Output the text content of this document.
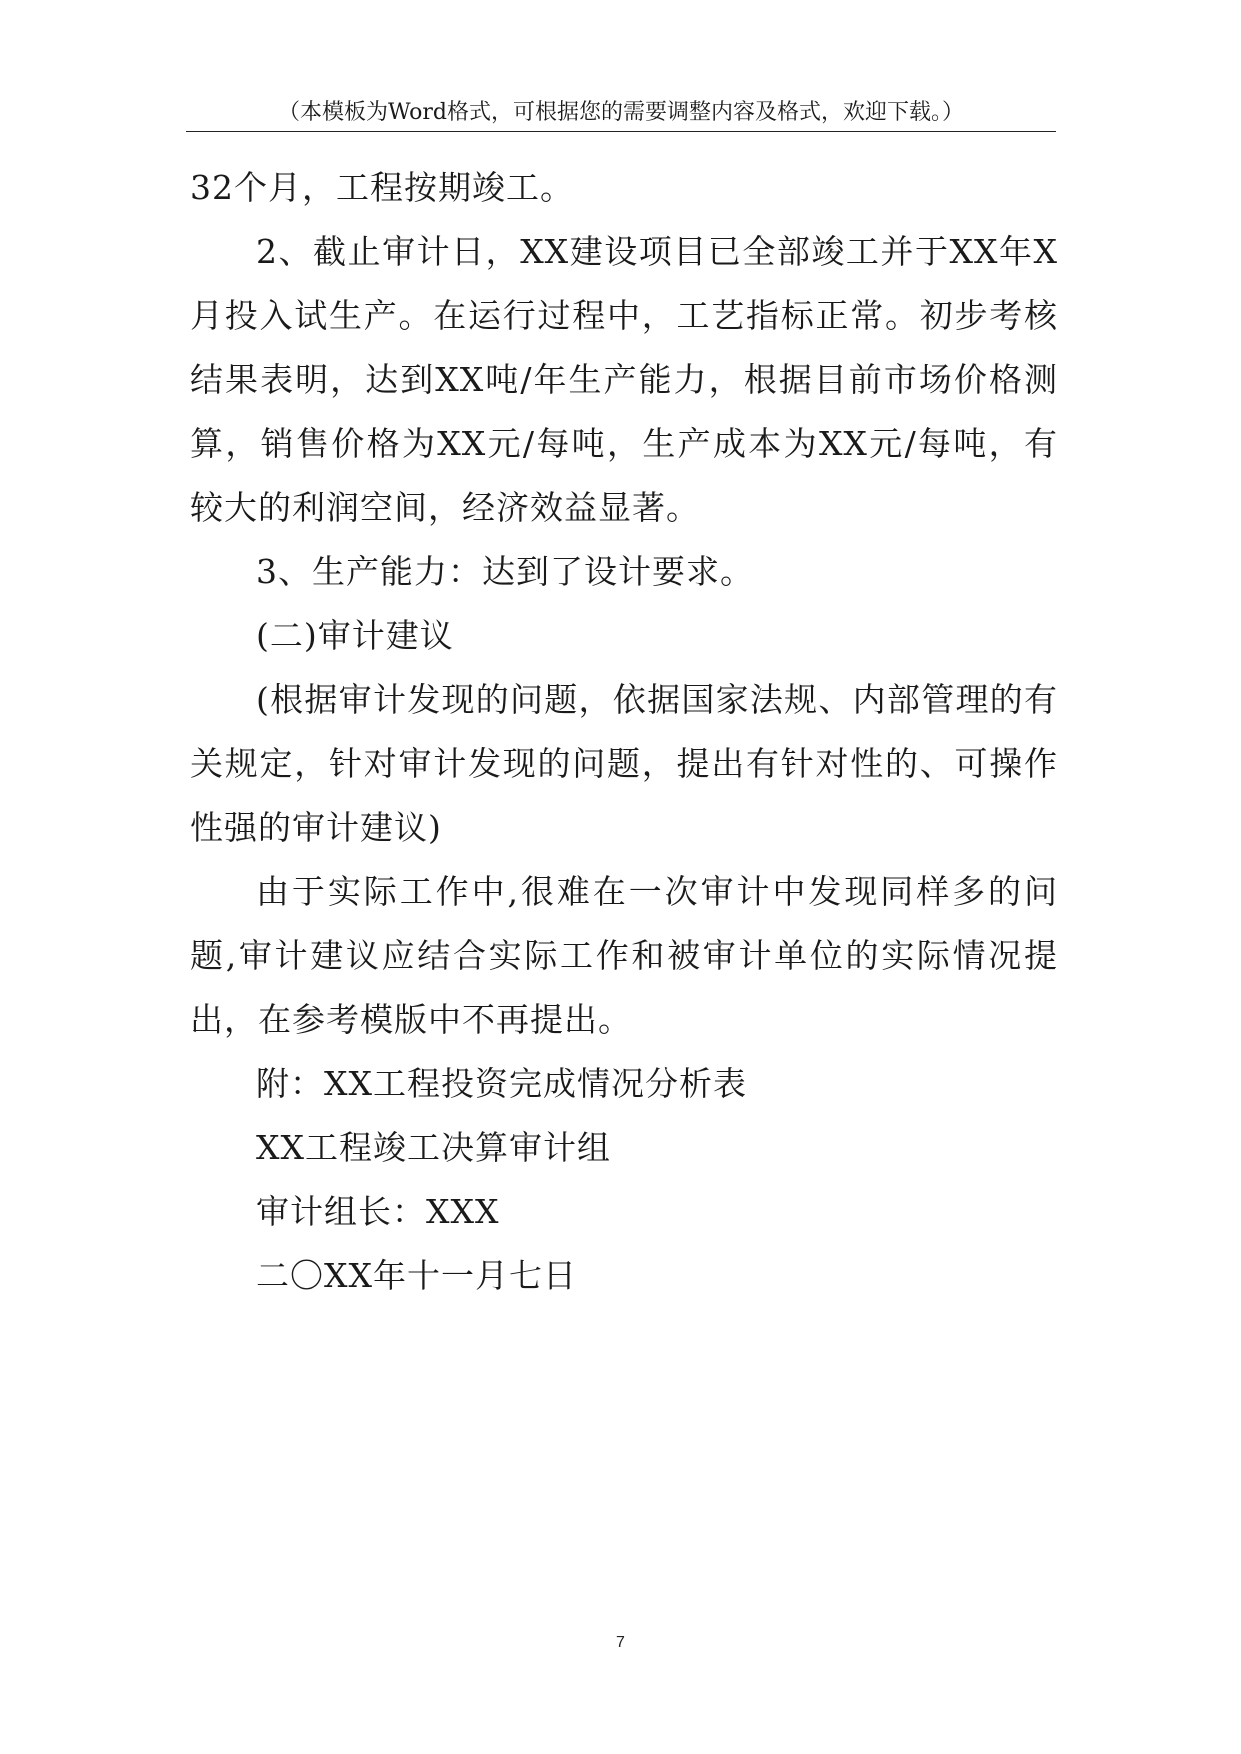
（本模板为Word格式，可根据您的需要调整内容及格式，欢迎下载。）

32个月，工程按期竣工。

2、截止审计日，XX建设项目已全部竣工并于XX年X月投入试生产。在运行过程中，工艺指标正常。初步考核结果表明，达到XX吨/年生产能力，根据目前市场价格测算，销售价格为XX元/每吨，生产成本为XX元/每吨，有较大的利润空间，经济效益显著。

3、生产能力：达到了设计要求。

(二)审计建议

(根据审计发现的问题，依据国家法规、内部管理的有关规定，针对审计发现的问题，提出有针对性的、可操作性强的审计建议)

由于实际工作中,很难在一次审计中发现同样多的问题,审计建议应结合实际工作和被审计单位的实际情况提出，在参考模版中不再提出。

附：XX工程投资完成情况分析表

XX工程竣工决算审计组

审计组长：XXX

二〇XX年十一月七日

7
